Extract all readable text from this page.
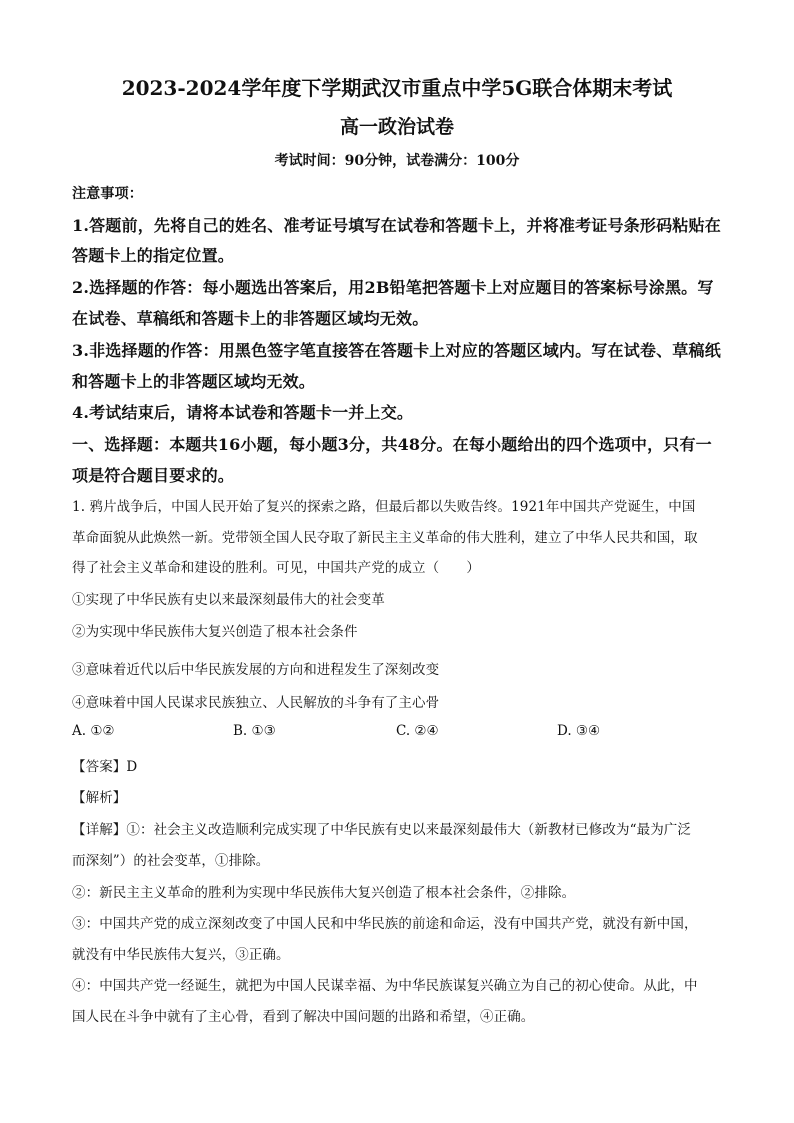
2023-2024学年度下学期武汉市重点中学5G联合体期末考试
高一政治试卷
考试时间：90分钟，试卷满分：100分
注意事项：
1.答题前，先将自己的姓名、准考证号填写在试卷和答题卡上，并将准考证号条形码粘贴在
答题卡上的指定位置。
2.选择题的作答：每小题选出答案后，用2B铅笔把答题卡上对应题目的答案标号涂黑。写
在试卷、草稿纸和答题卡上的非答题区域均无效。
3.非选择题的作答：用黑色签字笔直接答在答题卡上对应的答题区域内。写在试卷、草稿纸
和答题卡上的非答题区域均无效。
4.考试结束后，请将本试卷和答题卡一并上交。
一、选择题：本题共16小题，每小题3分，共48分。在每小题给出的四个选项中，只有一
项是符合题目要求的。
1. 鸦片战争后，中国人民开始了复兴的探索之路，但最后都以失败告终。1921年中国共产党诞生，中国
革命面貌从此焕然一新。党带领全国人民夺取了新民主主义革命的伟大胜利，建立了中华人民共和国，取
得了社会主义革命和建设的胜利。可见，中国共产党的成立（　　）
①实现了中华民族有史以来最深刻最伟大的社会变革
②为实现中华民族伟大复兴创造了根本社会条件
③意味着近代以后中华民族发展的方向和进程发生了深刻改变
④意味着中国人民谋求民族独立、人民解放的斗争有了主心骨
A. ①②	B. ①③	C. ②④	D. ③④
【答案】D
【解析】
【详解】①：社会主义改造顺利完成实现了中华民族有史以来最深刻最伟大（新教材已修改为“最为广泛
而深刻”）的社会变革，①排除。
②：新民主主义革命的胜利为实现中华民族伟大复兴创造了根本社会条件，②排除。
③：中国共产党的成立深刻改变了中国人民和中华民族的前途和命运，没有中国共产党，就没有新中国，
就没有中华民族伟大复兴，③正确。
④：中国共产党一经诞生，就把为中国人民谋幸福、为中华民族谋复兴确立为自己的初心使命。从此，中
国人民在斗争中就有了主心骨，看到了解决中国问题的出路和希望，④正确。
